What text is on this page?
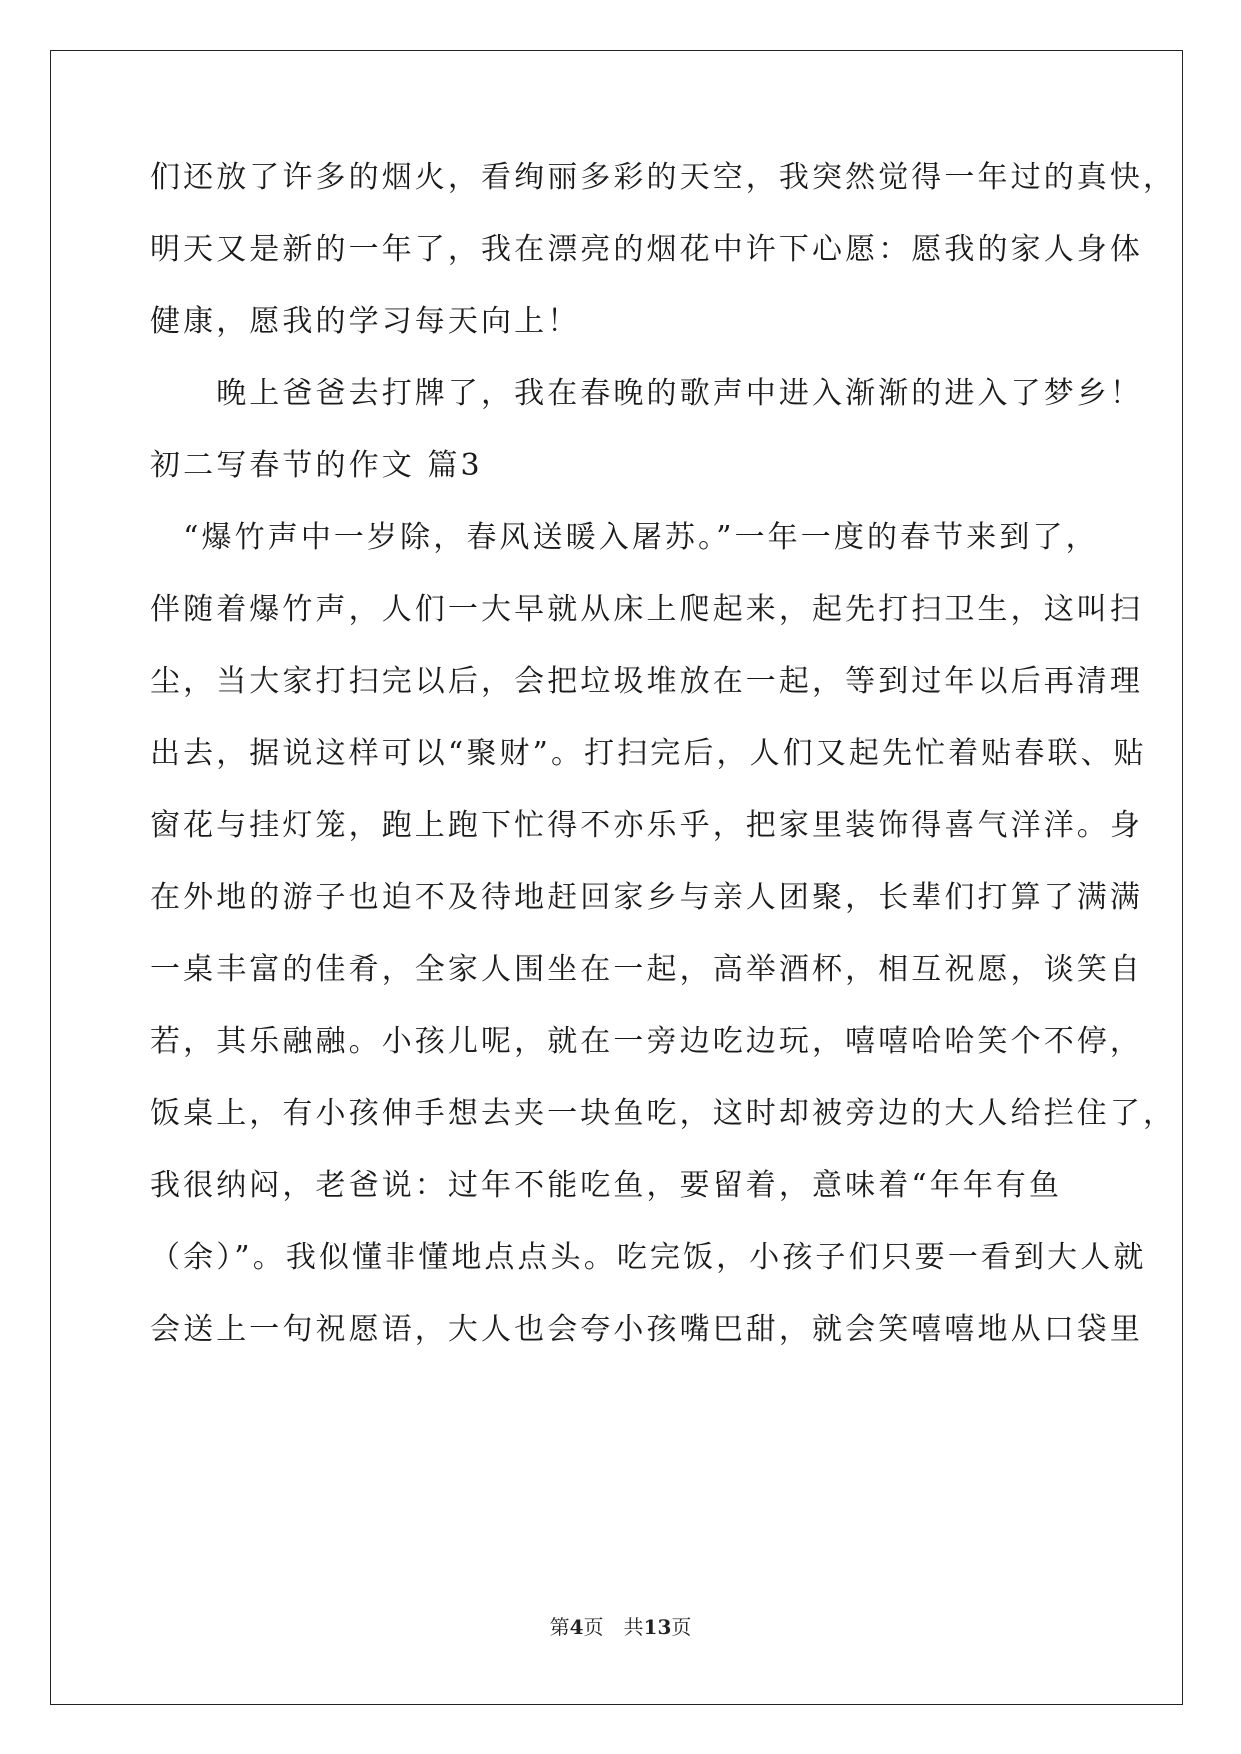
们还放了许多的烟火，看绚丽多彩的天空，我突然觉得一年过的真快，
明天又是新的一年了，我在漂亮的烟花中许下心愿：愿我的家人身体
健康，愿我的学习每天向上！
　　晚上爸爸去打牌了，我在春晚的歌声中进入渐渐的进入了梦乡！
初二写春节的作文 篇3
　“爆竹声中一岁除，春风送暖入屠苏。”一年一度的春节来到了，
伴随着爆竹声，人们一大早就从床上爬起来，起先打扫卫生，这叫扫
尘，当大家打扫完以后，会把垃圾堆放在一起，等到过年以后再清理
出去，据说这样可以“聚财”。打扫完后，人们又起先忙着贴春联、贴
窗花与挂灯笼，跑上跑下忙得不亦乐乎，把家里装饰得喜气洋洋。身
在外地的游子也迫不及待地赶回家乡与亲人团聚，长辈们打算了满满
一桌丰富的佳肴，全家人围坐在一起，高举酒杯，相互祝愿，谈笑自
若，其乐融融。小孩儿呢，就在一旁边吃边玩，嘻嘻哈哈笑个不停，
饭桌上，有小孩伸手想去夹一块鱼吃，这时却被旁边的大人给拦住了，
我很纳闷，老爸说：过年不能吃鱼，要留着，意味着“年年有鱼
（余）”。我似懂非懂地点点头。吃完饭，小孩子们只要一看到大人就
会送上一句祝愿语，大人也会夸小孩嘴巴甜，就会笑嘻嘻地从口袋里
第4页 共13页
